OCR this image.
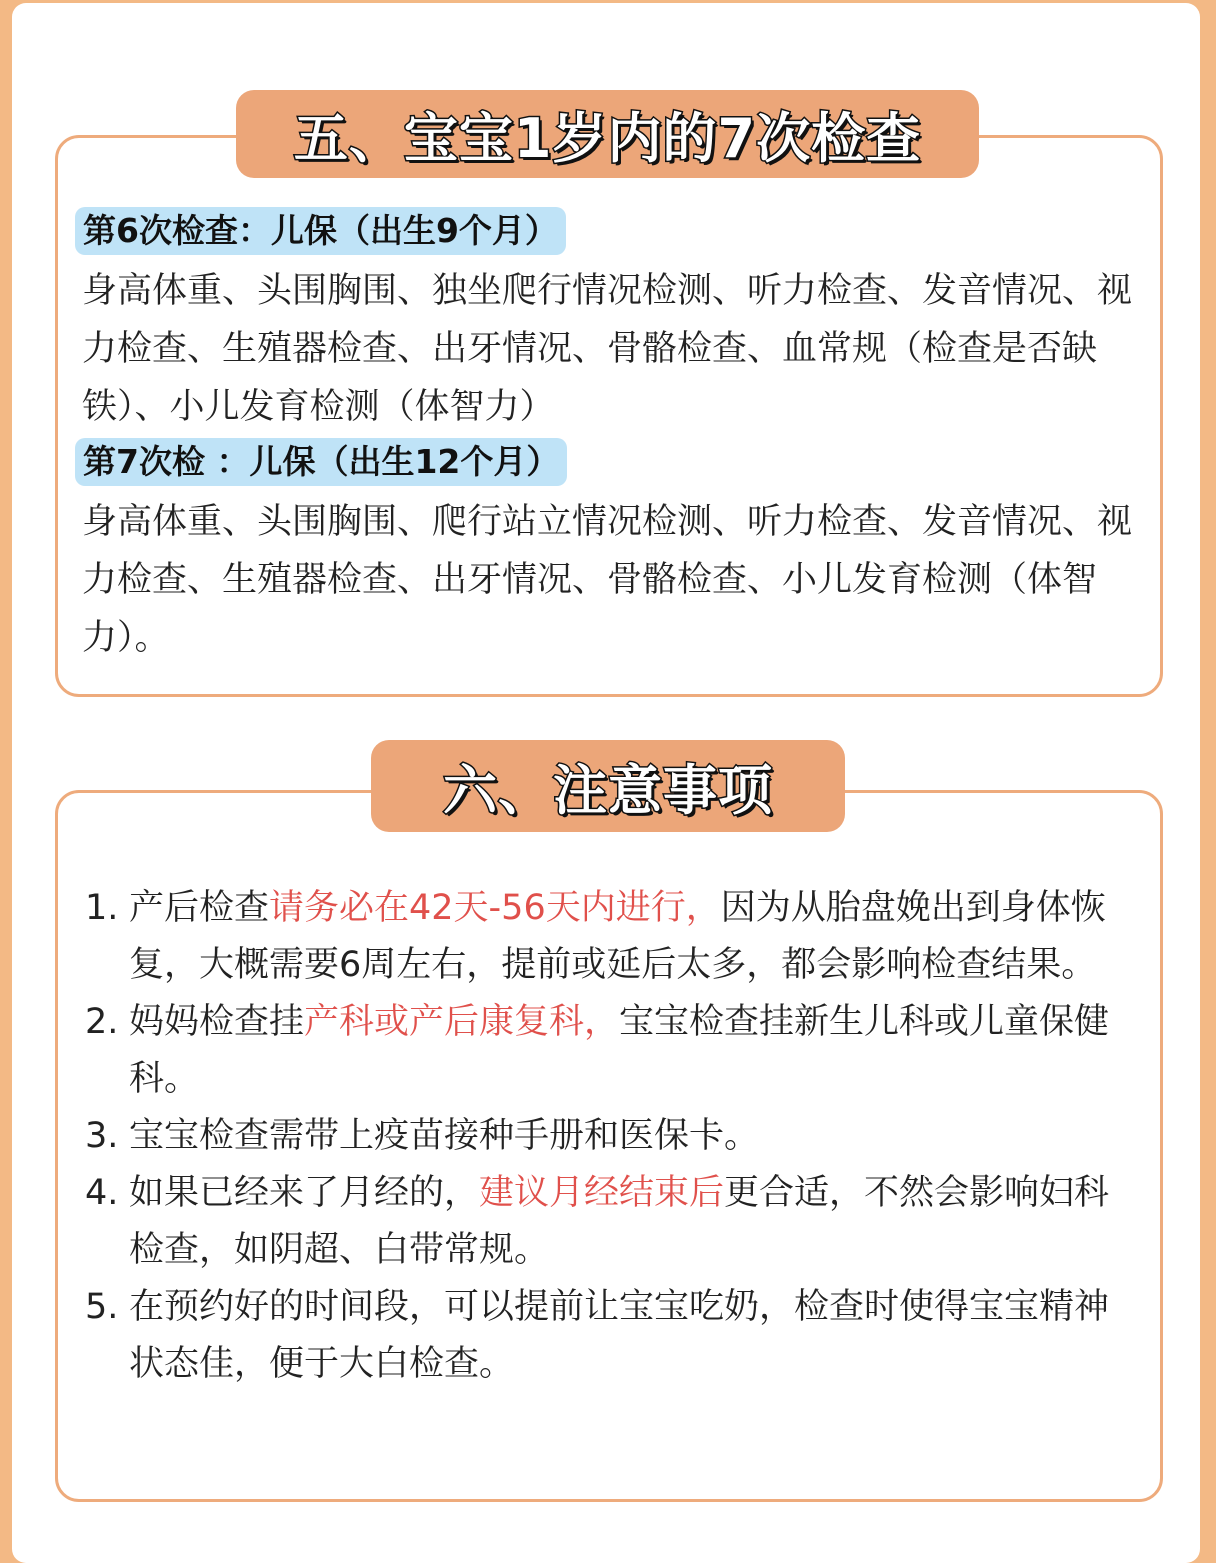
五、宝宝1岁内的7次检查
第6次检查：儿保（出生9个月）
身高体重、头围胸围、独坐爬行情况检测、听力检查、发音情况、视力检查、生殖器检查、出牙情况、骨骼检查、血常规（检查是否缺铁）、小儿发育检测（体智力）
第7次检 ：儿保（出生12个月）
身高体重、头围胸围、爬行站立情况检测、听力检查、发音情况、视力检查、生殖器检查、出牙情况、骨骼检查、小儿发育检测（体智力）。
六、注意事项
1. 产后检查请务必在42天-56天内进行，因为从胎盘娩出到身体恢复，大概需要6周左右，提前或延后太多，都会影响检查结果。
2. 妈妈检查挂产科或产后康复科，宝宝检查挂新生儿科或儿童保健科。
3. 宝宝检查需带上疫苗接种手册和医保卡。
4. 如果已经来了月经的，建议月经结束后更合适，不然会影响妇科检查，如阴超、白带常规。
5. 在预约好的时间段，可以提前让宝宝吃奶，检查时使得宝宝精神状态佳，便于大白检查。
